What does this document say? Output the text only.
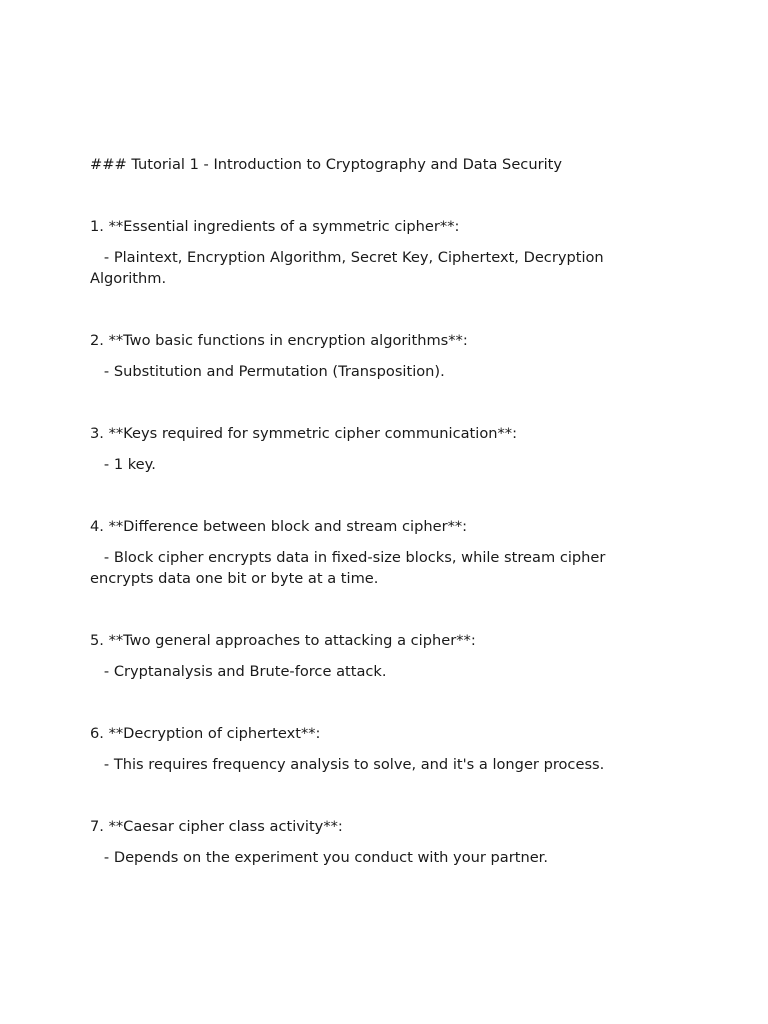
### Tutorial 1 - Introduction to Cryptography and Data Security

1. **Essential ingredients of a symmetric cipher**:

- Plaintext, Encryption Algorithm, Secret Key, Ciphertext, Decryption Algorithm.

2. **Two basic functions in encryption algorithms**:

- Substitution and Permutation (Transposition).

3. **Keys required for symmetric cipher communication**:

- 1 key.

4. **Difference between block and stream cipher**:

- Block cipher encrypts data in fixed-size blocks, while stream cipher encrypts data one bit or byte at a time.

5. **Two general approaches to attacking a cipher**:

- Cryptanalysis and Brute-force attack.

6. **Decryption of ciphertext**:

- This requires frequency analysis to solve, and it's a longer process.

7. **Caesar cipher class activity**:

- Depends on the experiment you conduct with your partner.
